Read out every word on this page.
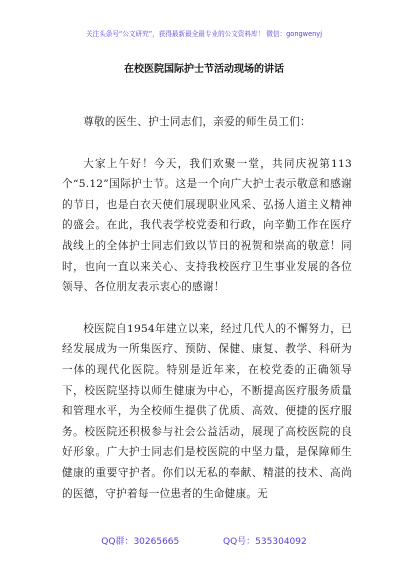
关注头条号“公文研究”，获得最新最全最专业的公文资料库！ 微信：gongwenyj
在校医院国际护士节活动现场的讲话

尊敬的医生、护士同志们，亲爱的师生员工们：

大家上午好！今天，我们欢聚一堂，共同庆祝第113个“5.12”国际护士节。这是一个向广大护士表示敬意和感谢的节日，也是白衣天使们展现职业风采、弘扬人道主义精神的盛会。在此，我代表学校党委和行政，向辛勤工作在医疗战线上的全体护士同志们致以节日的祝贺和崇高的敬意！同时，也向一直以来关心、支持我校医疗卫生事业发展的各位领导、各位朋友表示衷心的感谢！

校医院自1954年建立以来，经过几代人的不懈努力，已经发展成为一所集医疗、预防、保健、康复、教学、科研为一体的现代化医院。特别是近年来，在校党委的正确领导下，校医院坚持以师生健康为中心，不断提高医疗服务质量和管理水平，为全校师生提供了优质、高效、便捷的医疗服务。校医院还积极参与社会公益活动，展现了高校医院的良好形象。广大护士同志们是校医院的中坚力量，是保障师生健康的重要守护者。你们以无私的奉献、精湛的技术、高尚的医德，守护着每一位患者的生命健康。无

QQ群：30265665	QQ号：535304092
